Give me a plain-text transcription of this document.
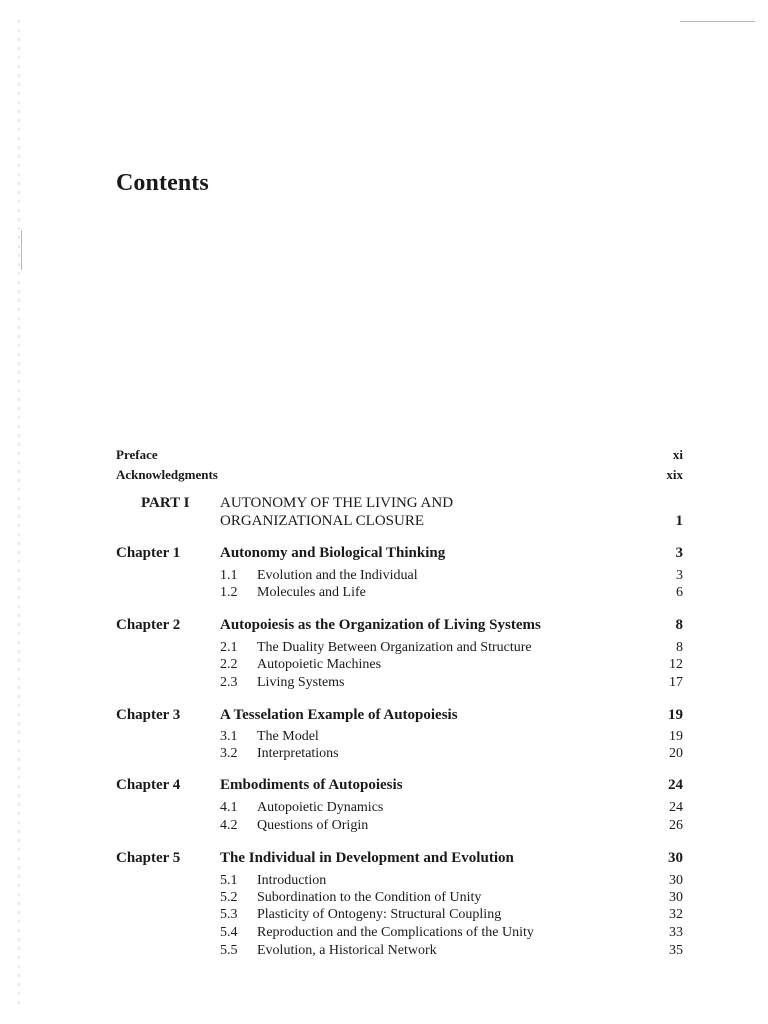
Contents
Preface	xi
Acknowledgments	xix
PART I AUTONOMY OF THE LIVING AND
ORGANIZATIONAL CLOSURE	1
Chapter 1	Autonomy and Biological Thinking	3
1.1 Evolution and the Individual	3
1.2 Molecules and Life	6
Chapter 2	Autopoiesis as the Organization of Living Systems	8
2.1 The Duality Between Organization and Structure	8
2.2 Autopoietic Machines	12
2.3 Living Systems	17
Chapter 3	A Tesselation Example of Autopoiesis	19
3.1 The Model	19
3.2 Interpretations	20
Chapter 4	Embodiments of Autopoiesis	24
4.1 Autopoietic Dynamics	24
4.2 Questions of Origin	26
Chapter 5	The Individual in Development and Evolution	30
5.1 Introduction	30
5.2 Subordination to the Condition of Unity	30
5.3 Plasticity of Ontogeny: Structural Coupling	32
5.4 Reproduction and the Complications of the Unity	33
5.5 Evolution, a Historical Network	35
